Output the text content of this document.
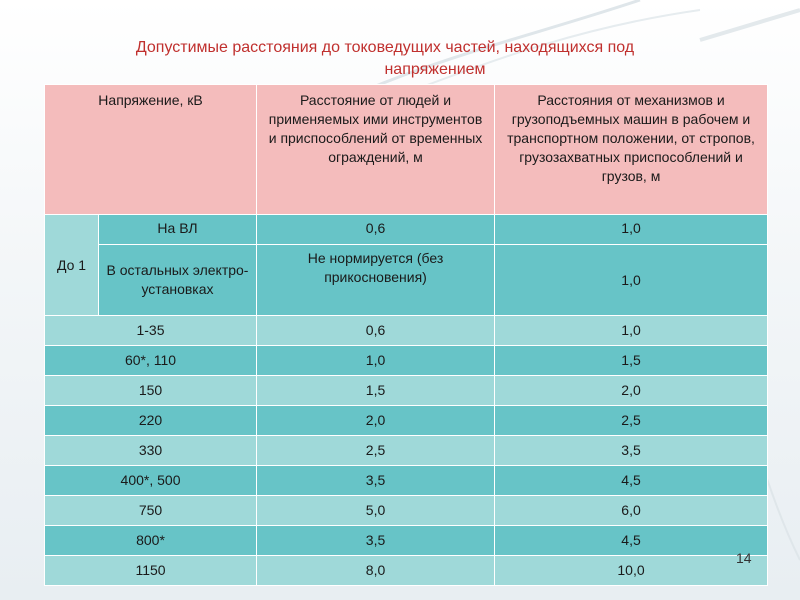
Допустимые расстояния до токоведущих частей, находящихся под
напряжением
Напряжение, кВ		Расстояние от людей и применяемых ими инструментов и приспособлений от временных ограждений, м	Расстояния от механизмов и грузоподъемных машин в рабочем и транспортном положении, от стропов, грузозахватных приспособлений и грузов, м
До 1	На ВЛ	0,6	1,0
	В остальных электро-установках	Не нормируется (без прикосновения)	1,0
1-35		0,6	1,0
60*, 110		1,0	1,5
150		1,5	2,0
220		2,0	2,5
330		2,5	3,5
400*, 500		3,5	4,5
750		5,0	6,0
800*		3,5	4,5
1150		8,0	10,0
14
